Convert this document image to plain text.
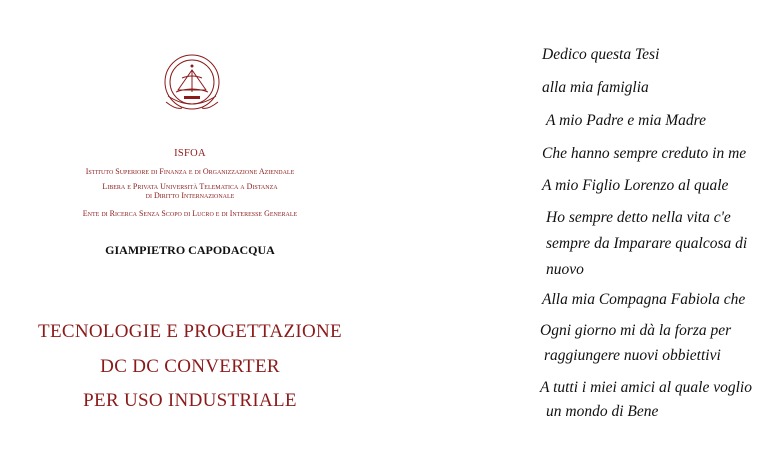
ISFOA
Istituto Superiore di Finanza e di Organizzazione Aziendale
Libera e Privata Università Telematica a Distanza
di Diritto Internazionale
Ente di Ricerca Senza Scopo di Lucro e di Interesse Generale
GIAMPIETRO CAPODACQUA
TECNOLOGIE E PROGETTAZIONE
DC DC CONVERTER
PER USO INDUSTRIALE
Dedico questa Tesi
alla mia famiglia
A mio Padre e mia Madre
Che hanno sempre creduto in me
A mio Figlio Lorenzo al quale
Ho sempre detto nella vita c'e
sempre da Imparare qualcosa di
nuovo
Alla mia Compagna Fabiola che
Ogni giorno mi dà la forza per
raggiungere nuovi obbiettivi
A tutti i miei amici al quale voglio
un mondo di Bene
